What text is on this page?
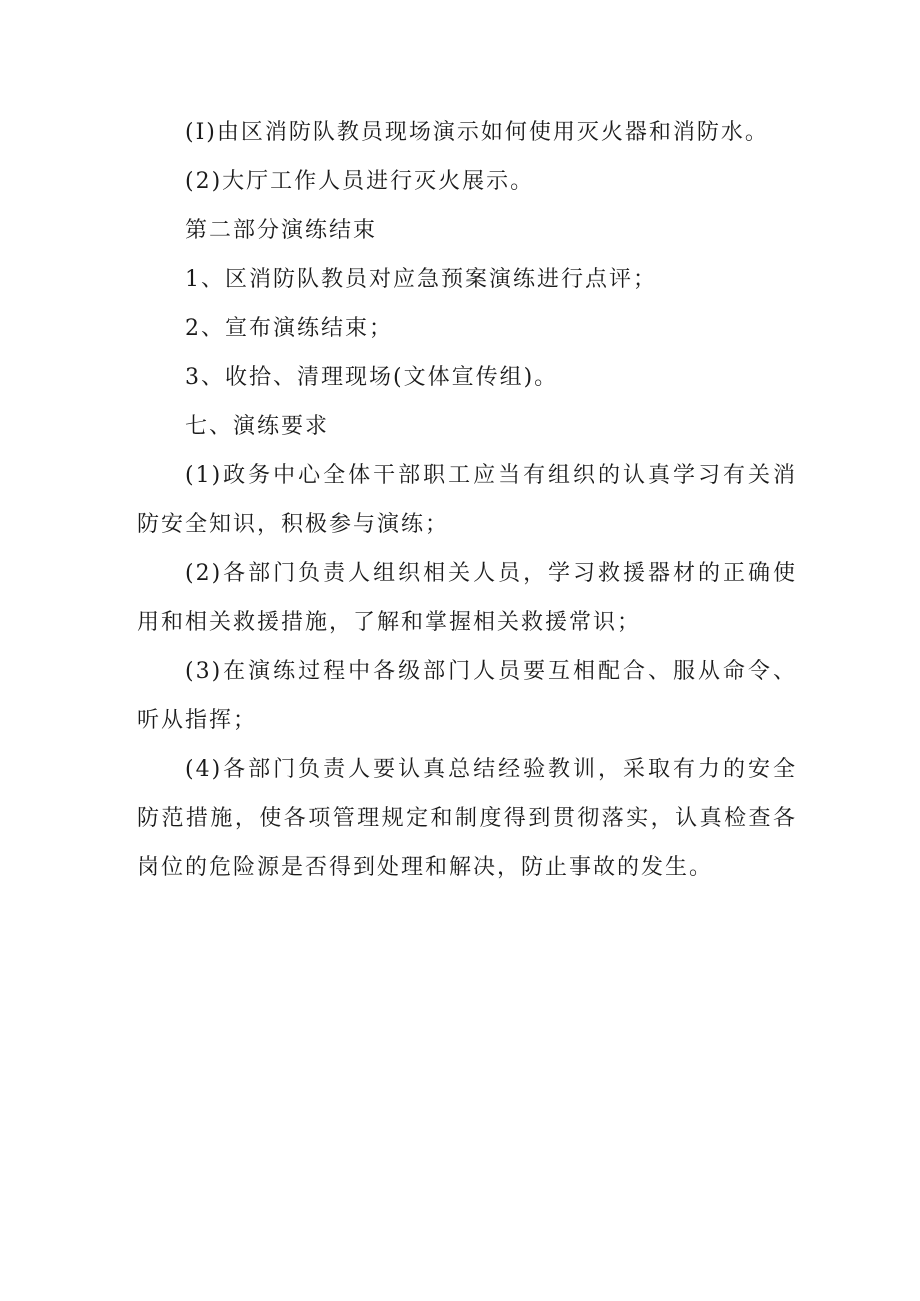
(I)由区消防队教员现场演示如何使用灭火器和消防水。

(2)大厅工作人员进行灭火展示。

第二部分演练结束

1、区消防队教员对应急预案演练进行点评；

2、宣布演练结束；

3、收拾、清理现场(文体宣传组)。

七、演练要求

(1)政务中心全体干部职工应当有组织的认真学习有关消防安全知识，积极参与演练；

(2)各部门负责人组织相关人员，学习救援器材的正确使用和相关救援措施，了解和掌握相关救援常识；

(3)在演练过程中各级部门人员要互相配合、服从命令、听从指挥；

(4)各部门负责人要认真总结经验教训，采取有力的安全防范措施，使各项管理规定和制度得到贯彻落实，认真检查各岗位的危险源是否得到处理和解决，防止事故的发生。
